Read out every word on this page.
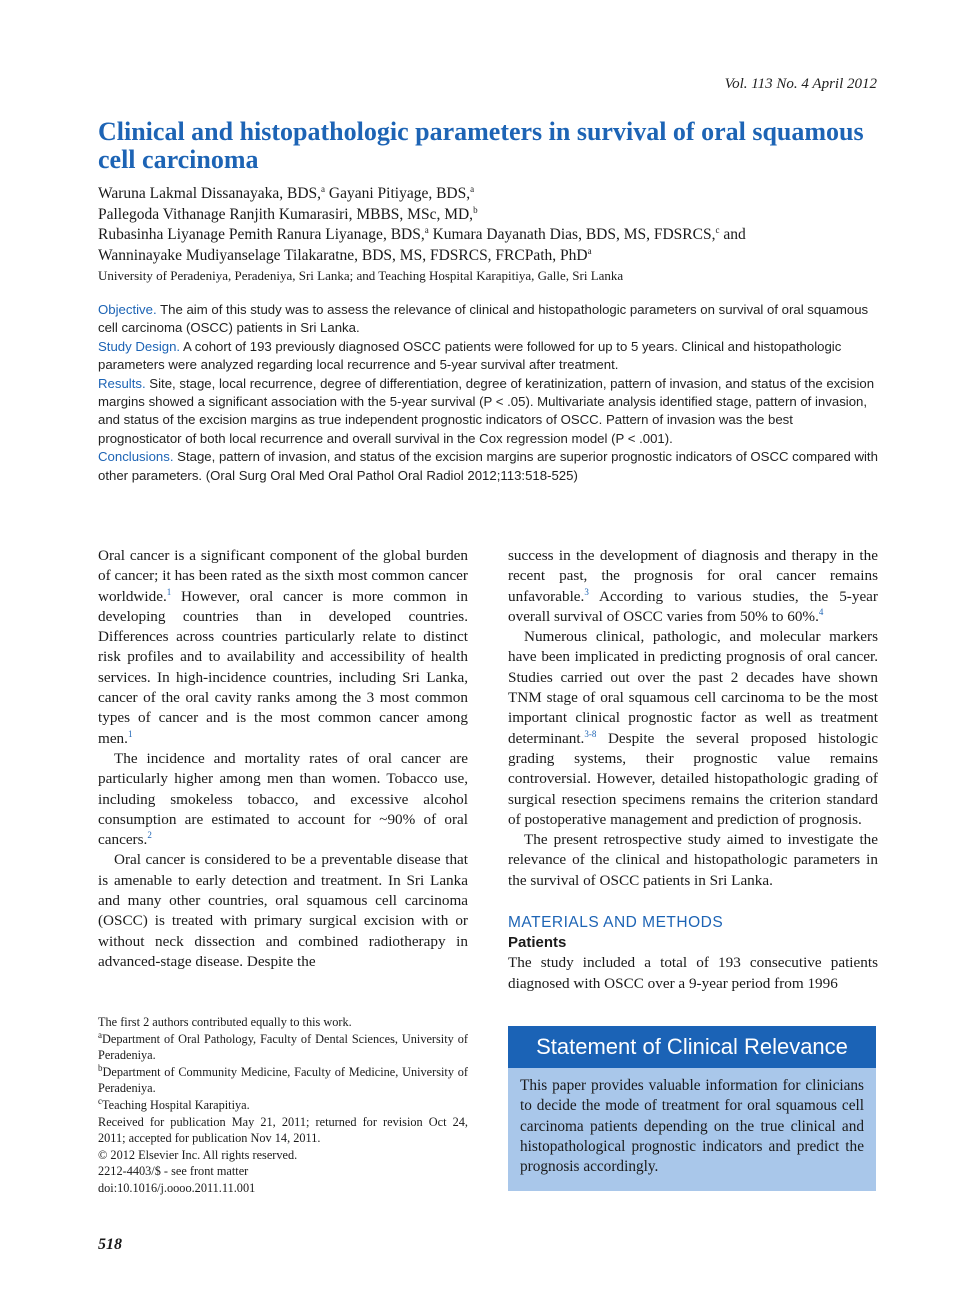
Vol. 113 No. 4 April 2012
Clinical and histopathologic parameters in survival of oral squamous cell carcinoma
Waruna Lakmal Dissanayaka, BDS,$^a$ Gayani Pitiyage, BDS,$^a$
Pallegoda Vithanage Ranjith Kumarasiri, MBBS, MSc, MD,$^b$
Rubasinha Liyanage Pemith Ranura Liyanage, BDS,$^a$ Kumara Dayanath Dias, BDS, MS, FDSRCS,$^c$ and
Wanninayake Mudiyanselage Tilakaratne, BDS, MS, FDSRCS, FRCPath, PhD$^a$
University of Peradeniya, Peradeniya, Sri Lanka; and Teaching Hospital Karapitiya, Galle, Sri Lanka

Objective. The aim of this study was to assess the relevance of clinical and histopathologic parameters on survival of oral squamous cell carcinoma (OSCC) patients in Sri Lanka.

Study Design. A cohort of 193 previously diagnosed OSCC patients were followed for up to 5 years. Clinical and histopathologic parameters were analyzed regarding local recurrence and 5-year survival after treatment.

Results. Site, stage, local recurrence, degree of differentiation, degree of keratinization, pattern of invasion, and status of the excision margins showed a significant association with the 5-year survival (P < .05). Multivariate analysis identified stage, pattern of invasion, and status of the excision margins as true independent prognostic indicators of OSCC. Pattern of invasion was the best prognosticator of both local recurrence and overall survival in the Cox regression model (P < .001).

Conclusions. Stage, pattern of invasion, and status of the excision margins are superior prognostic indicators of OSCC compared with other parameters. (Oral Surg Oral Med Oral Pathol Oral Radiol 2012;113:518-525)

Oral cancer is a significant component of the global burden of cancer; it has been rated as the sixth most common cancer worldwide.$^1$ However, oral cancer is more common in developing countries than in developed countries. Differences across countries particularly relate to distinct risk profiles and to availability and accessibility of health services. In high-incidence countries, including Sri Lanka, cancer of the oral cavity ranks among the 3 most common types of cancer and is the most common cancer among men.$^1$

The incidence and mortality rates of oral cancer are particularly higher among men than women. Tobacco use, including smokeless tobacco, and excessive alcohol consumption are estimated to account for ~90% of oral cancers.$^2$

Oral cancer is considered to be a preventable disease that is amenable to early detection and treatment. In Sri Lanka and many other countries, oral squamous cell carcinoma (OSCC) is treated with primary surgical excision with or without neck dissection and combined radiotherapy in advanced-stage disease. Despite the

success in the development of diagnosis and therapy in the recent past, the prognosis for oral cancer remains unfavorable.$^3$ According to various studies, the 5-year overall survival of OSCC varies from 50% to 60%.$^4$

Numerous clinical, pathologic, and molecular markers have been implicated in predicting prognosis of oral cancer. Studies carried out over the past 2 decades have shown TNM stage of oral squamous cell carcinoma to be the most important clinical prognostic factor as well as treatment determinant.$^{3-8}$ Despite the several proposed histologic grading systems, their prognostic value remains controversial. However, detailed histopathologic grading of surgical resection specimens remains the criterion standard of postoperative management and prediction of prognosis.

The present retrospective study aimed to investigate the relevance of the clinical and histopathologic parameters in the survival of OSCC patients in Sri Lanka.

MATERIALS AND METHODS
Patients

The study included a total of 193 consecutive patients diagnosed with OSCC over a 9-year period from 1996

The first 2 authors contributed equally to this work.
$^a$Department of Oral Pathology, Faculty of Dental Sciences, University of Peradeniya.
$^b$Department of Community Medicine, Faculty of Medicine, University of Peradeniya.
$^c$Teaching Hospital Karapitiya.
Received for publication May 21, 2011; returned for revision Oct 24, 2011; accepted for publication Nov 14, 2011.
© 2012 Elsevier Inc. All rights reserved.
2212-4403/$ - see front matter
doi:10.1016/j.oooo.2011.11.001
Statement of Clinical Relevance

This paper provides valuable information for clinicians to decide the mode of treatment for oral squamous cell carcinoma patients depending on the true clinical and histopathological prognostic indicators and predict the prognosis accordingly.

518
